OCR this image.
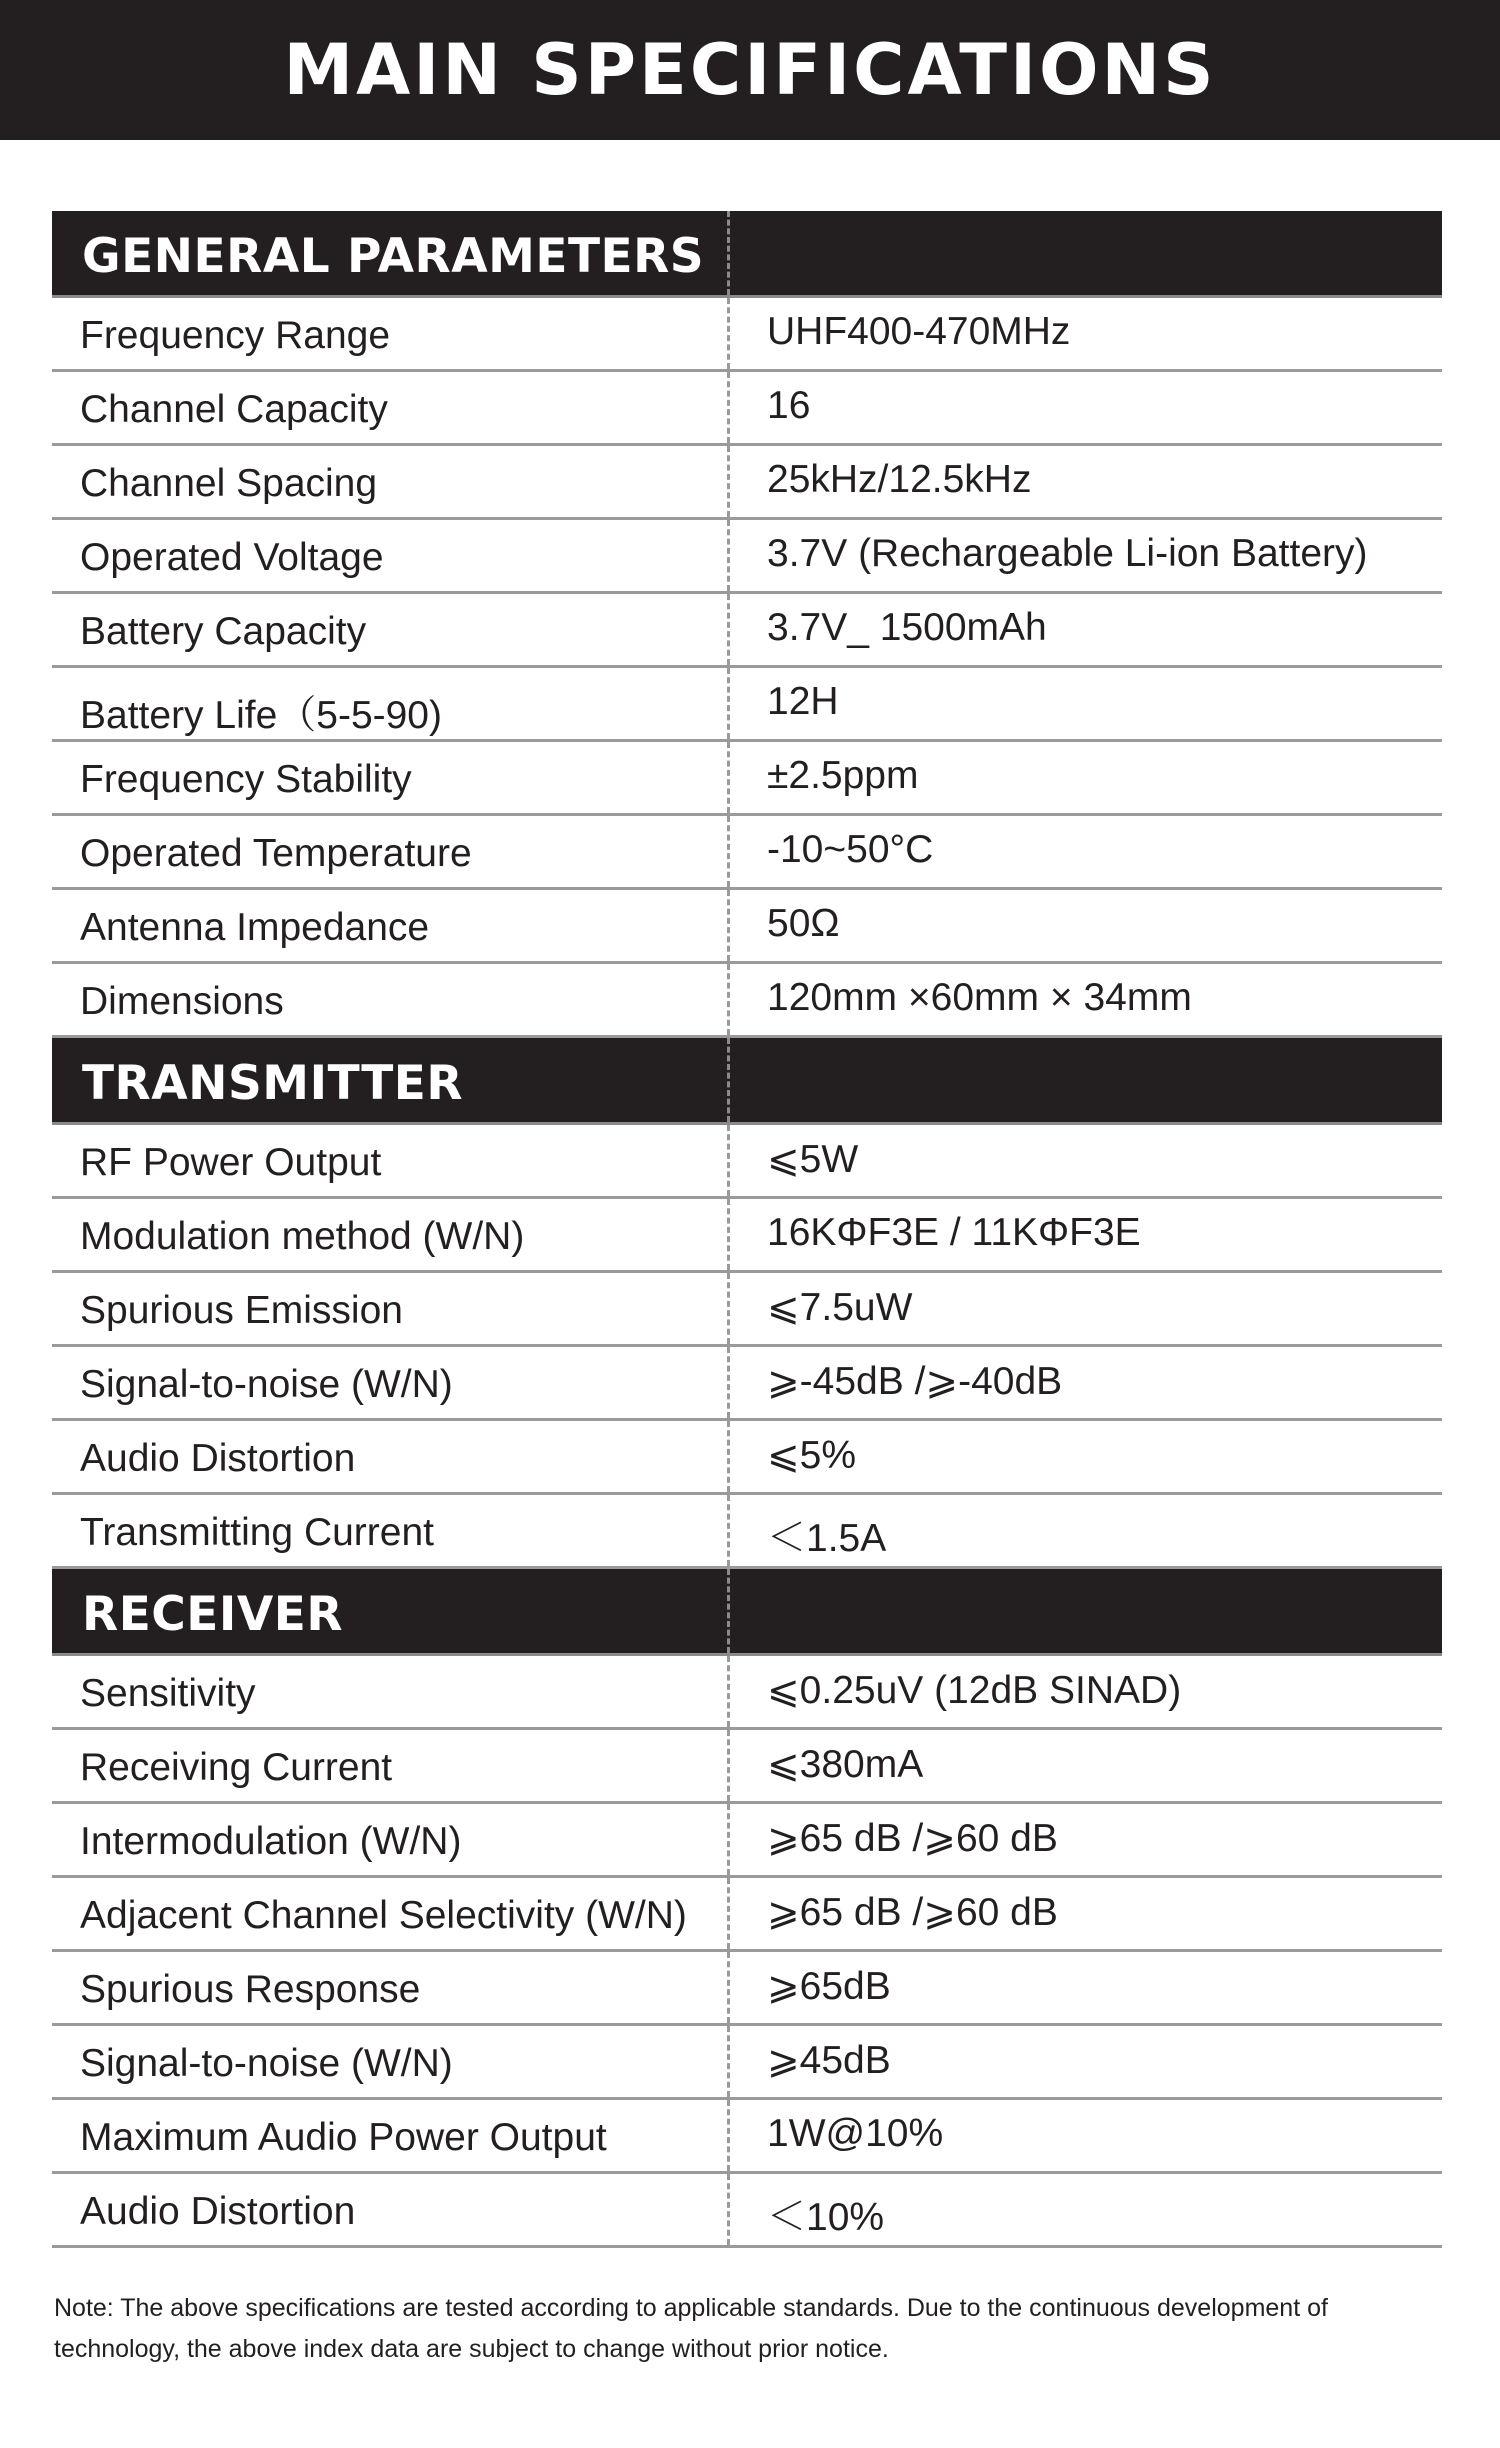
MAIN SPECIFICATIONS
GENERAL PARAMETERS
Frequency Range	UHF400-470MHz
Channel Capacity	16
Channel Spacing	25kHz/12.5kHz
Operated Voltage	3.7V (Rechargeable Li-ion Battery)
Battery Capacity	3.7V_ 1500mAh
Battery Life（5-5-90)	12H
Frequency Stability	±2.5ppm
Operated Temperature	-10~50°C
Antenna Impedance	50Ω
Dimensions	120mm ×60mm × 34mm
TRANSMITTER
RF Power Output	⩽5W
Modulation method (W/N)	16KΦF3E / 11KΦF3E
Spurious Emission	⩽7.5uW
Signal-to-noise (W/N)	⩾-45dB /⩾-40dB
Audio Distortion	⩽5%
Transmitting Current	＜1.5A
RECEIVER
Sensitivity	⩽0.25uV (12dB SINAD)
Receiving Current	⩽380mA
Intermodulation (W/N)	⩾65 dB /⩾60 dB
Adjacent Channel Selectivity (W/N) ⩾65 dB /⩾60 dB
Spurious Response	⩾65dB
Signal-to-noise (W/N)	⩾45dB
Maximum Audio Power Output	1W@10%
Audio Distortion	＜10%
Note: The above specifications are tested according to applicable standards. Due to the continuous development of technology, the above index data are subject to change without prior notice.
